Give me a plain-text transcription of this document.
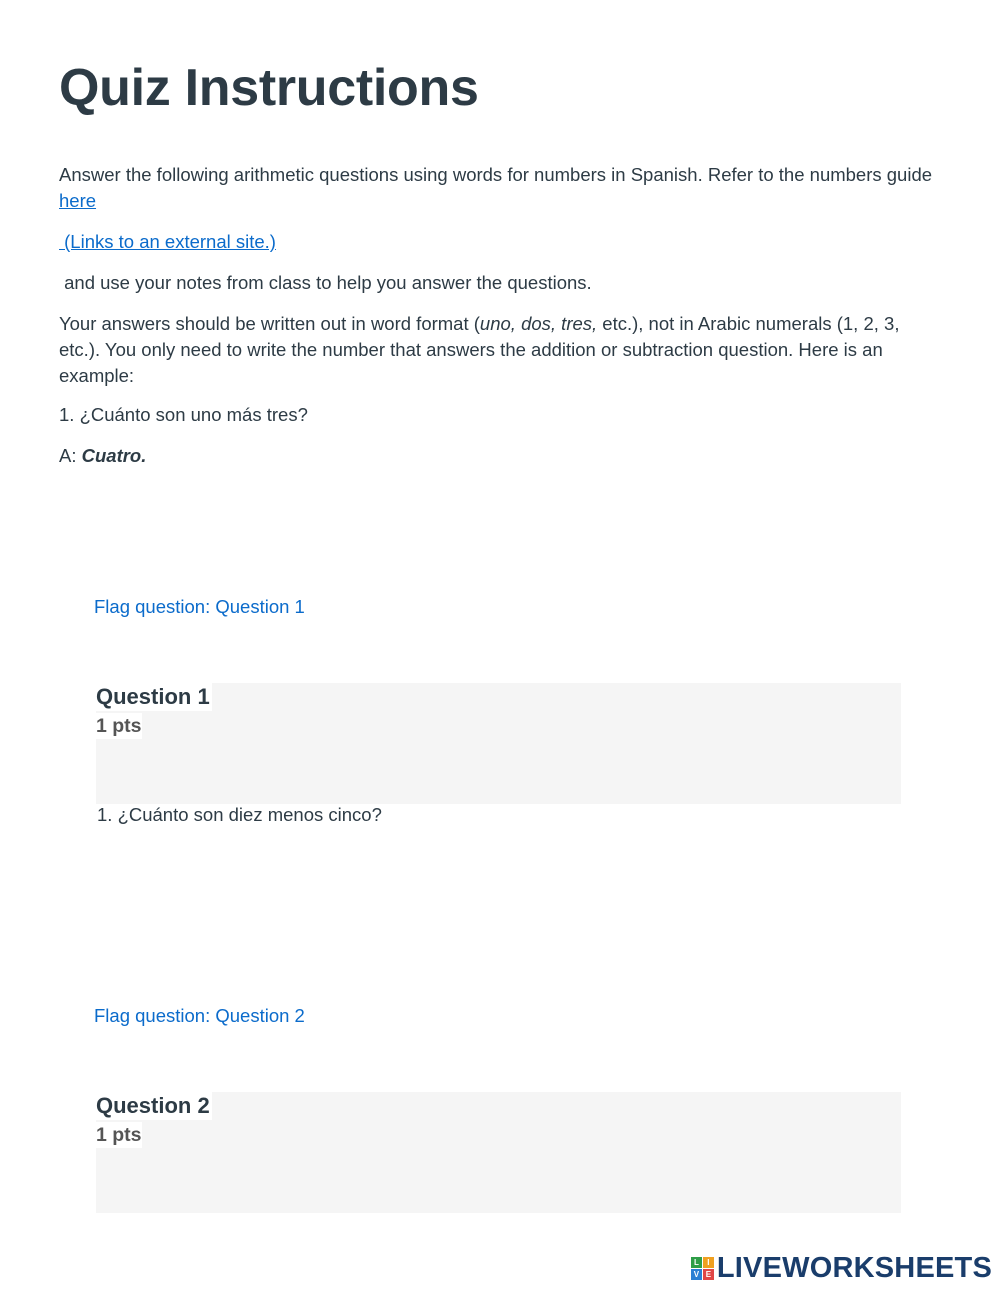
Quiz Instructions

Answer the following arithmetic questions using words for numbers in Spanish. Refer to the numbers guide here

(Links to an external site.)

and use your notes from class to help you answer the questions.

Your answers should be written out in word format (uno, dos, tres, etc.), not in Arabic numerals (1, 2, 3, etc.). You only need to write the number that answers the addition or subtraction question. Here is an example:

1. ¿Cuánto son uno más tres?

A: Cuatro.

Flag question: Question 1
Question 1
1 pts

1. ¿Cuánto son diez menos cinco?

Flag question: Question 2
Question 2
1 pts
L	I
V E LIVEWORKSHEETS
